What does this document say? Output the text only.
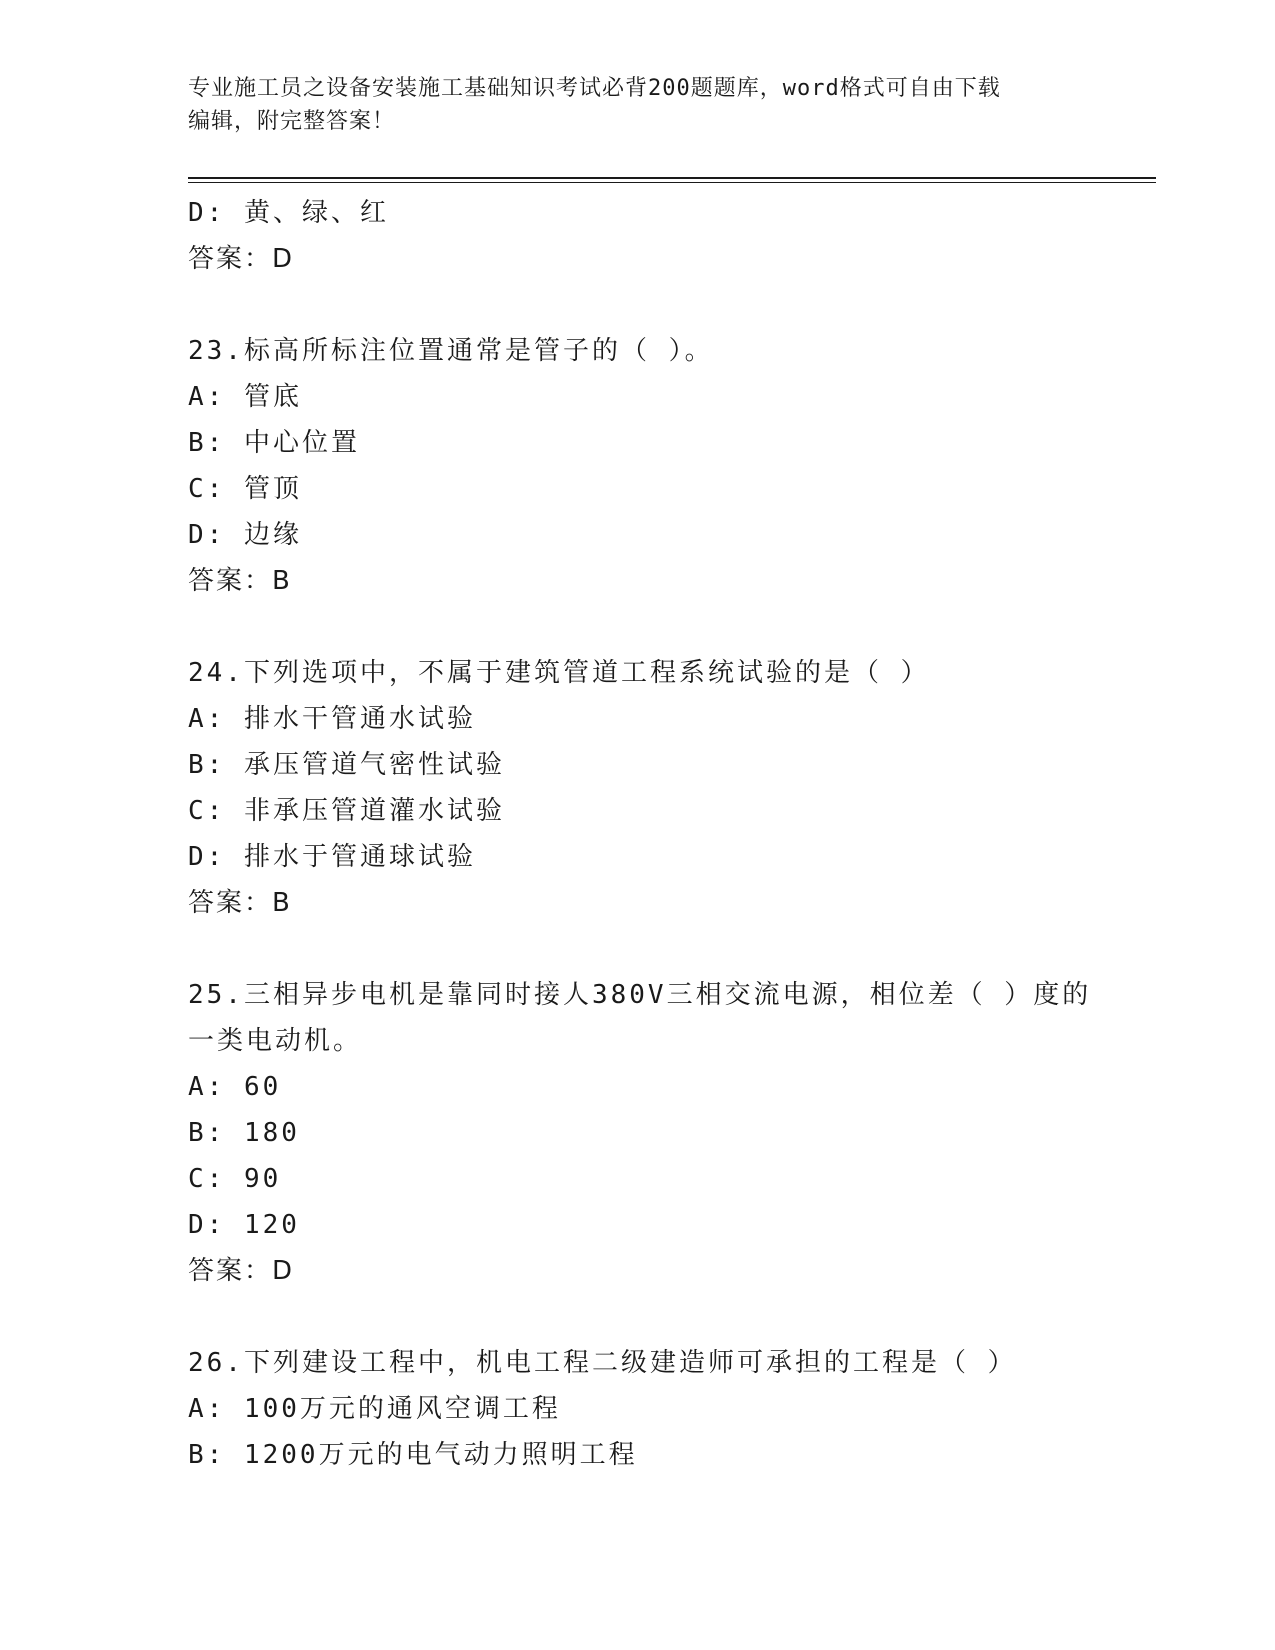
专业施工员之设备安装施工基础知识考试必背200题题库，word格式可自由下载
编辑，附完整答案！
D: 黄、绿、红
答案：D
23.标高所标注位置通常是管子的（ ）。
A: 管底
B: 中心位置
C: 管顶
D: 边缘
答案：B
24.下列选项中，不属于建筑管道工程系统试验的是（ ）
A: 排水干管通水试验
B: 承压管道气密性试验
C: 非承压管道灌水试验
D: 排水于管通球试验
答案：B
25.三相异步电机是靠同时接人380V三相交流电源，相位差（ ）度的
一类电动机。
A: 60
B: 180
C: 90
D: 120
答案：D
26.下列建设工程中，机电工程二级建造师可承担的工程是（ ）
A: 100万元的通风空调工程
B: 1200万元的电气动力照明工程
